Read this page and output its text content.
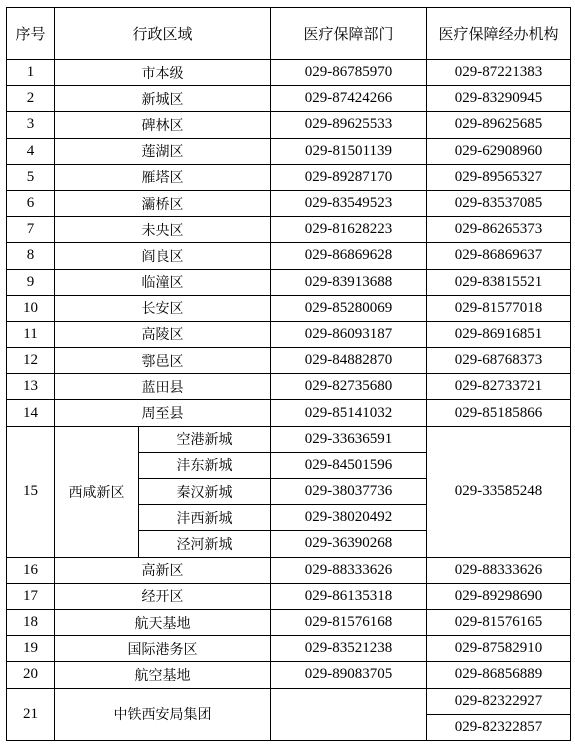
序号	行政区域		医疗保障部门	医疗保障经办机构
1	市本级		029-86785970	029-87221383
2	新城区		029-87424266	029-83290945
3	碑林区		029-89625533	029-89625685
4	莲湖区		029-81501139	029-62908960
5	雁塔区		029-89287170	029-89565327
6	灞桥区		029-83549523	029-83537085
7	未央区		029-81628223	029-86265373
8	阎良区		029-86869628	029-86869637
9	临潼区		029-83913688	029-83815521
10	长安区		029-85280069	029-81577018
11	高陵区		029-86093187	029-86916851
12	鄠邑区		029-84882870	029-68768373
13	蓝田县		029-82735680	029-82733721
14	周至县		029-85141032	029-85185866
15	西咸新区	空港新城	029-33636591	029-33585248
		沣东新城	029-84501596	
		秦汉新城	029-38037736	
		沣西新城	029-38020492	
		泾河新城	029-36390268	
16	高新区		029-88333626	029-88333626
17	经开区		029-86135318	029-89298690
18	航天基地		029-81576168	029-81576165
19	国际港务区		029-83521238	029-87582910
20	航空基地		029-89083705	029-86856889
21	中铁西安局集团			029-82322927
				029-82322857
